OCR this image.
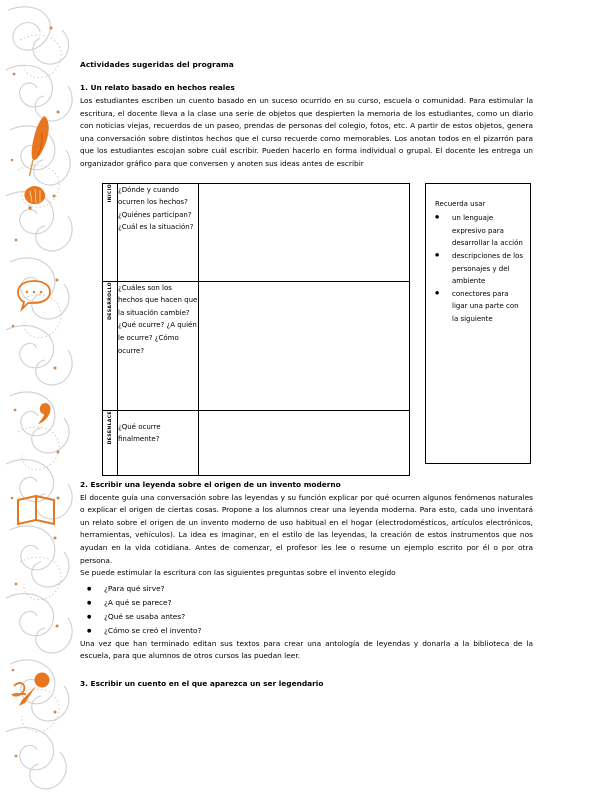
Actividades sugeridas del programa
1. Un relato basado en hechos reales

Los estudiantes escriben un cuento basado en un suceso ocurrido en su curso, escuela o comunidad. Para estimular la escritura, el docente lleva a la clase una serie de objetos que despierten la memoria de los estudiantes, como un diario con noticias viejas, recuerdos de un paseo, prendas de personas del colegio, fotos, etc. A partir de estos objetos, genera una conversación sobre distintos hechos que el curso recuerde como memorables. Los anotan todos en el pizarrón para que los estudiantes escojan sobre cuál escribir. Pueden hacerlo en forma individual o grupal. El docente les entrega un organizador gráfico para que conversen y anoten sus ideas antes de escribir

INICIO	¿Dónde y cuando ocurren los hechos? ¿Quiénes participan? ¿Cuál es la situación?	

DESARROLLO	¿Cuáles son los hechos que hacen que la situación cambie? ¿Qué ocurre? ¿A quién le ocurre? ¿Cómo ocurre?	

DESENLACE	¿Qué ocurre finalmente?	
Recuerda usar
● un lenguaje expresivo para desarrollar la acción
● descripciones de los personajes y del ambiente
● conectores para ligar una parte con la siguiente
2. Escribir una leyenda sobre el origen de un invento moderno

El docente guía una conversación sobre las leyendas y su función explicar por qué ocurren algunos fenómenos naturales o explicar el origen de ciertas cosas. Propone a los alumnos crear una leyenda moderna. Para esto, cada uno inventará un relato sobre el origen de un invento moderno de uso habitual en el hogar (electrodomésticos, artículos electrónicos, herramientas, vehículos). La idea es imaginar, en el estilo de las leyendas, la creación de estos instrumentos que nos ayudan en la vida cotidiana. Antes de comenzar, el profesor les lee o resume un ejemplo escrito por él o por otra persona.

Se puede estimular la escritura con las siguientes preguntas sobre el invento elegido

● ¿Para qué sirve?
● ¿A qué se parece?
● ¿Qué se usaba antes?
● ¿Cómo se creó el invento?

Una vez que han terminado editan sus textos para crear una antología de leyendas y donarla a la biblioteca de la escuela, para que alumnos de otros cursos las puedan leer.

3. Escribir un cuento en el que aparezca un ser legendario
